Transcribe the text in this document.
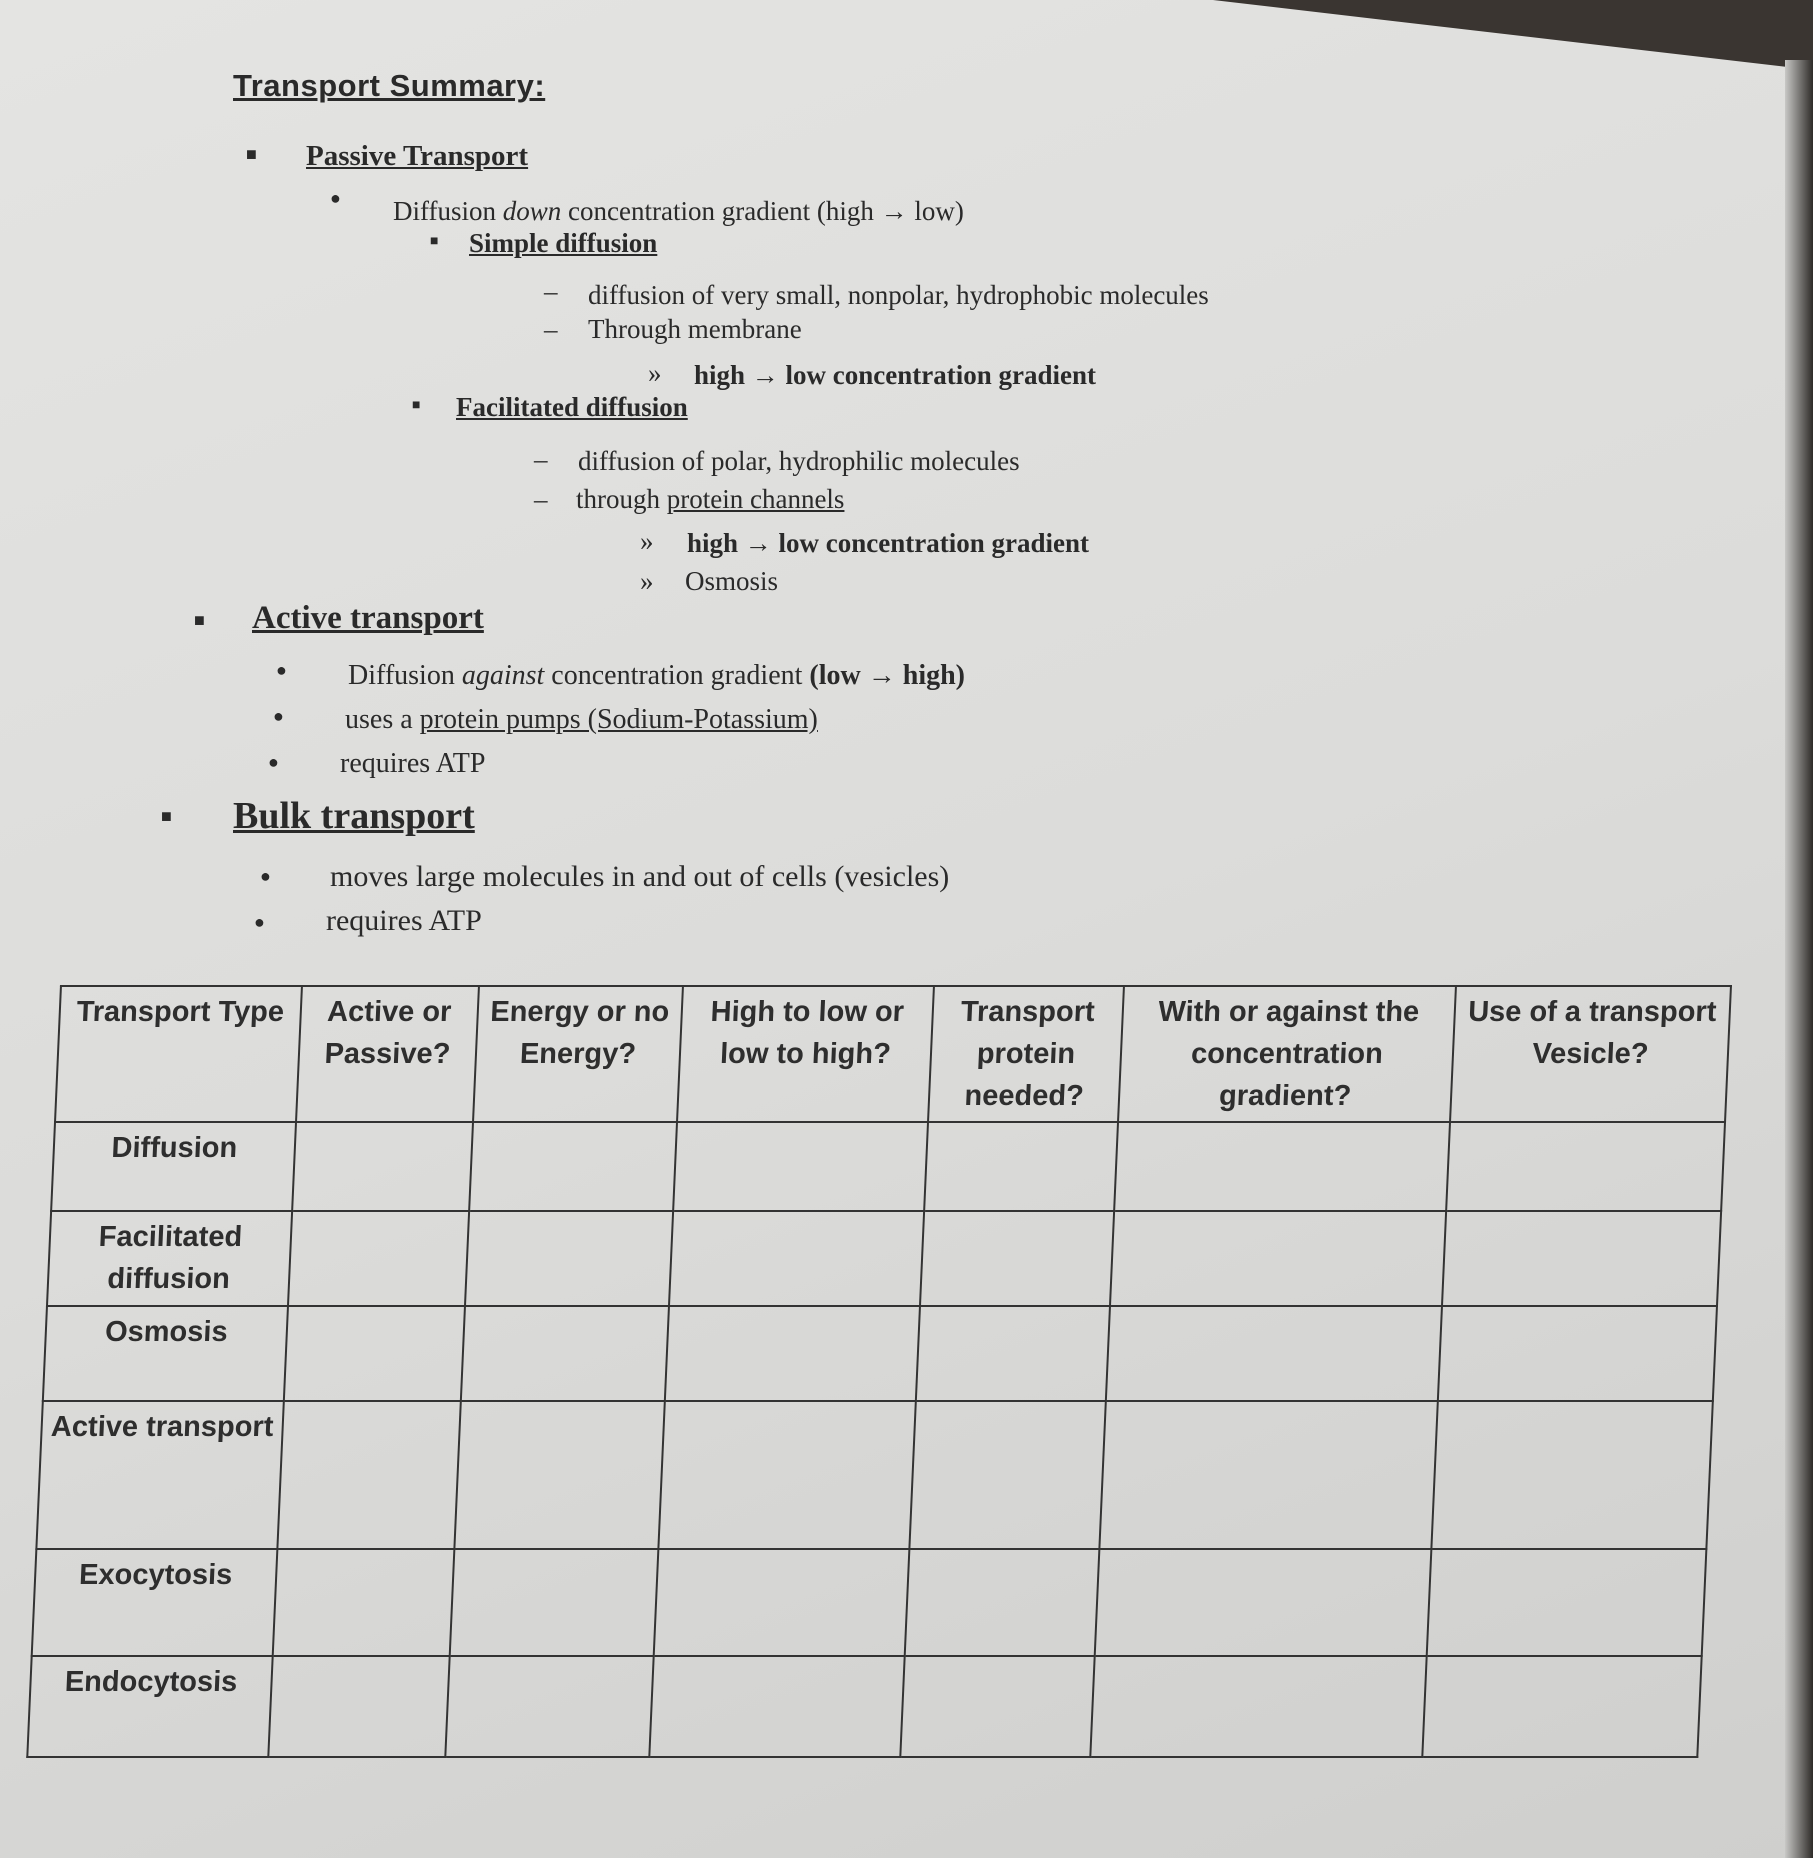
Transport Summary:
■ Passive Transport
● Diffusion down concentration gradient (high → low)
■ Simple diffusion
– diffusion of very small, nonpolar, hydrophobic molecules
– Through membrane
» high → low concentration gradient
■ Facilitated diffusion
– diffusion of polar, hydrophilic molecules
– through protein channels
» high → low concentration gradient
» Osmosis
■ Active transport
● Diffusion against concentration gradient (low → high)
● uses a protein pumps (Sodium-Potassium)
● requires ATP
■ Bulk transport
● moves large molecules in and out of cells (vesicles)
● requires ATP
Transport Type	Active or Passive?	Energy or no Energy?	High to low or low to high?	Transport protein needed?	With or against the concentration gradient?	Use of a transport Vesicle?
Diffusion						
Facilitated diffusion						
Osmosis						
Active transport						
Exocytosis						
Endocytosis						
